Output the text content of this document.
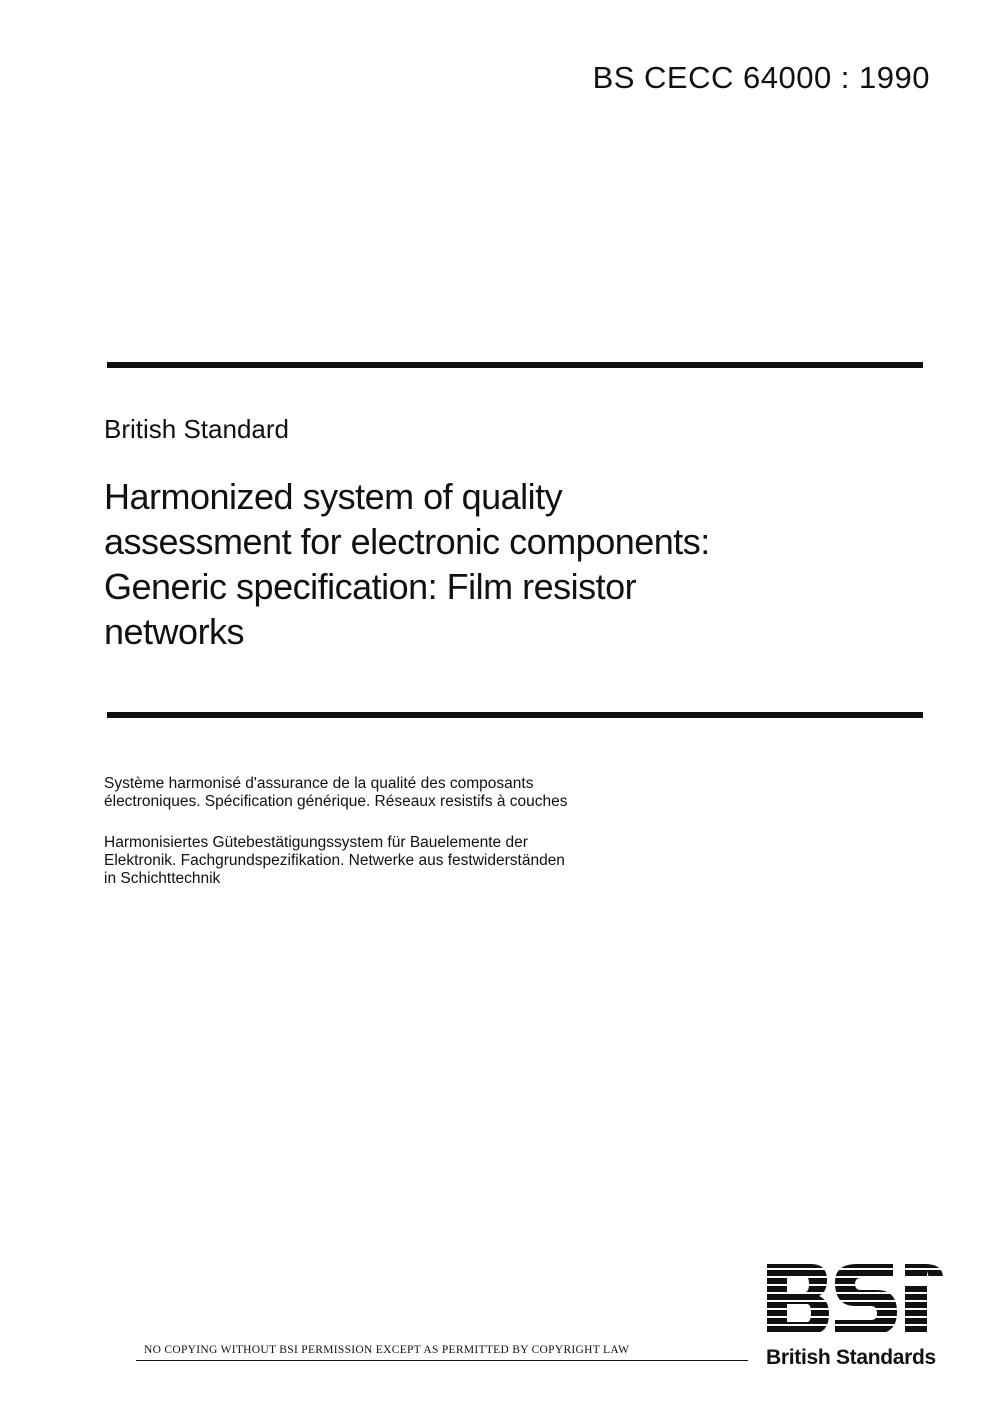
BS CECC 64000 : 1990
British Standard
Harmonized system of quality
assessment for electronic components:
Generic specification: Film resistor
networks

Système harmonisé d'assurance de la qualité des composants
électroniques. Spécification générique. Réseaux resistifs à couches

Harmonisiertes Gütebestätigungssystem für Bauelemente der
Elektronik. Fachgrundspezifikation. Netwerke aus festwiderständen
in Schichttechnik

NO COPYING WITHOUT BSI PERMISSION EXCEPT AS PERMITTED BY COPYRIGHT LAW	British Standards
